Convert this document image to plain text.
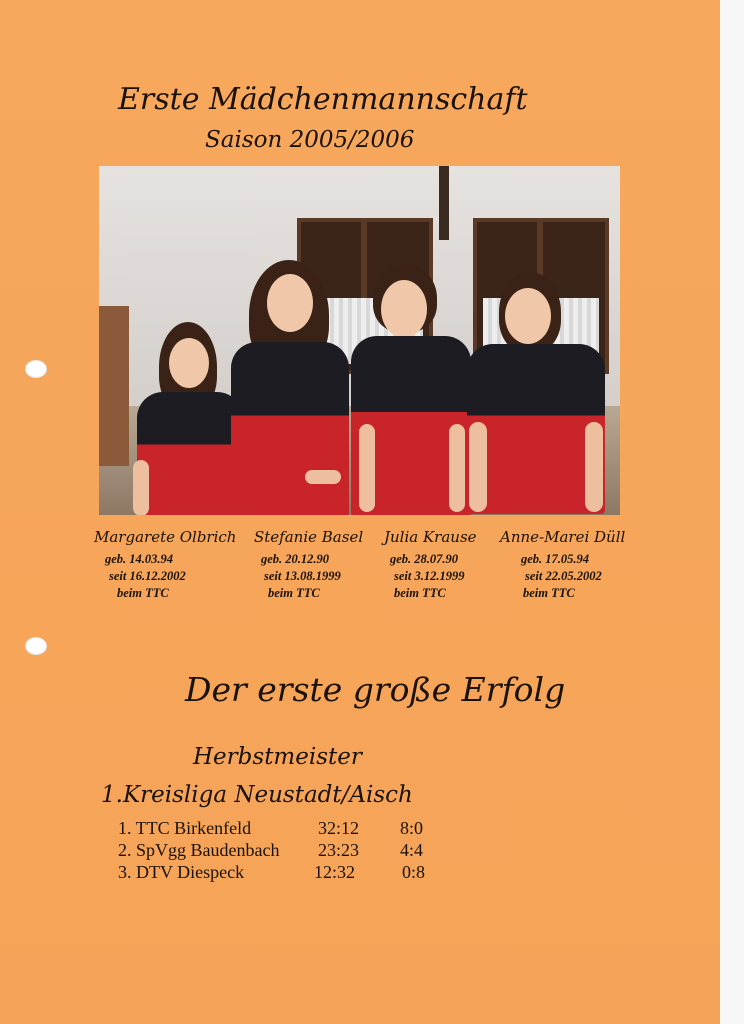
Erste Mädchenmannschaft
Saison 2005/2006
Margarete Olbrich
geb. 14.03.94
seit 16.12.2002
beim TTC
Stefanie Basel
geb. 20.12.90
seit 13.08.1999
beim TTC
Julia Krause
geb. 28.07.90
seit 3.12.1999
beim TTC
Anne-Marei Düll
geb. 17.05.94
seit 22.05.2002
beim TTC
Der erste große Erfolg
Herbstmeister
1.Kreisliga Neustadt/Aisch
1. TTC Birkenfeld	32:12 8:0
2. SpVgg Baudenbach 23:23 4:4
3. DTV Diespeck	12:32	0:8
